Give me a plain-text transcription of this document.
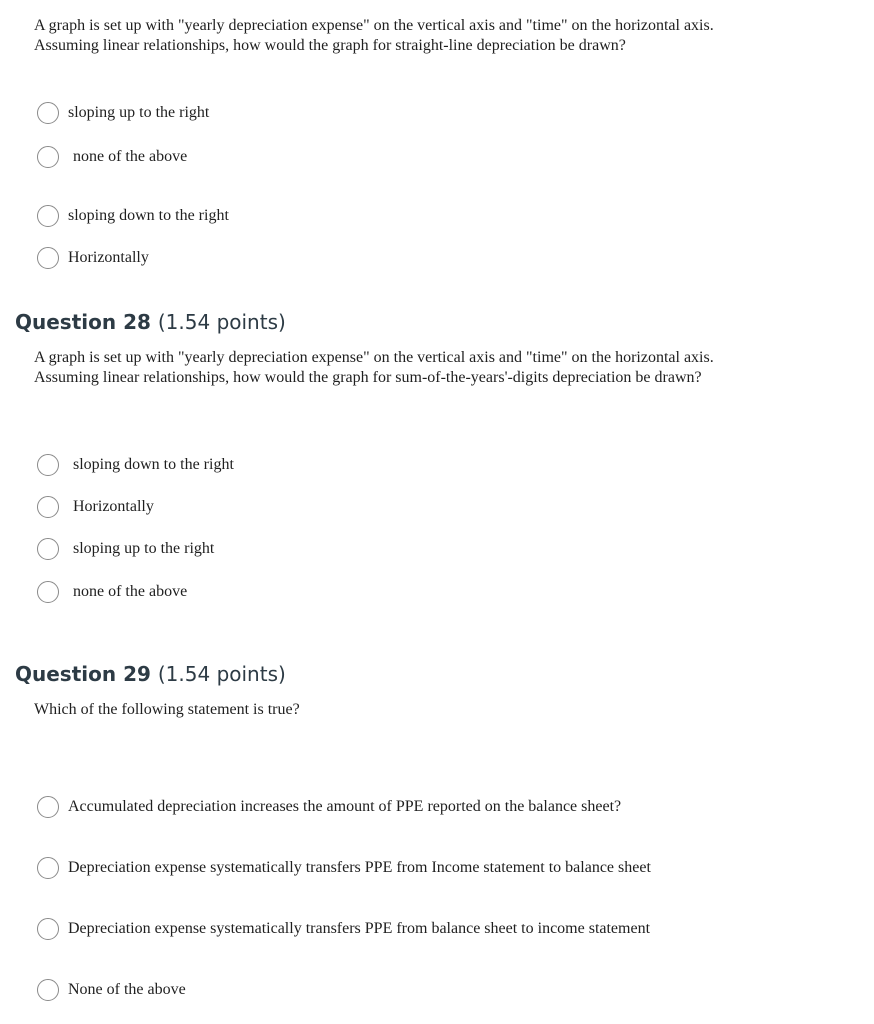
A graph is set up with "yearly depreciation expense" on the vertical axis and "time" on the horizontal axis.
Assuming linear relationships, how would the graph for straight-line depreciation be drawn?

sloping up to the right
none of the above
sloping down to the right
Horizontally
Question 28 (1.54 points)

A graph is set up with "yearly depreciation expense" on the vertical axis and "time" on the horizontal axis.
Assuming linear relationships, how would the graph for sum-of-the-years'-digits depreciation be drawn?

sloping down to the right
Horizontally
sloping up to the right
none of the above
Question 29 (1.54 points)

Which of the following statement is true?

Accumulated depreciation increases the amount of PPE reported on the balance sheet?
Depreciation expense systematically transfers PPE from Income statement to balance sheet
Depreciation expense systematically transfers PPE from balance sheet to income statement
None of the above
